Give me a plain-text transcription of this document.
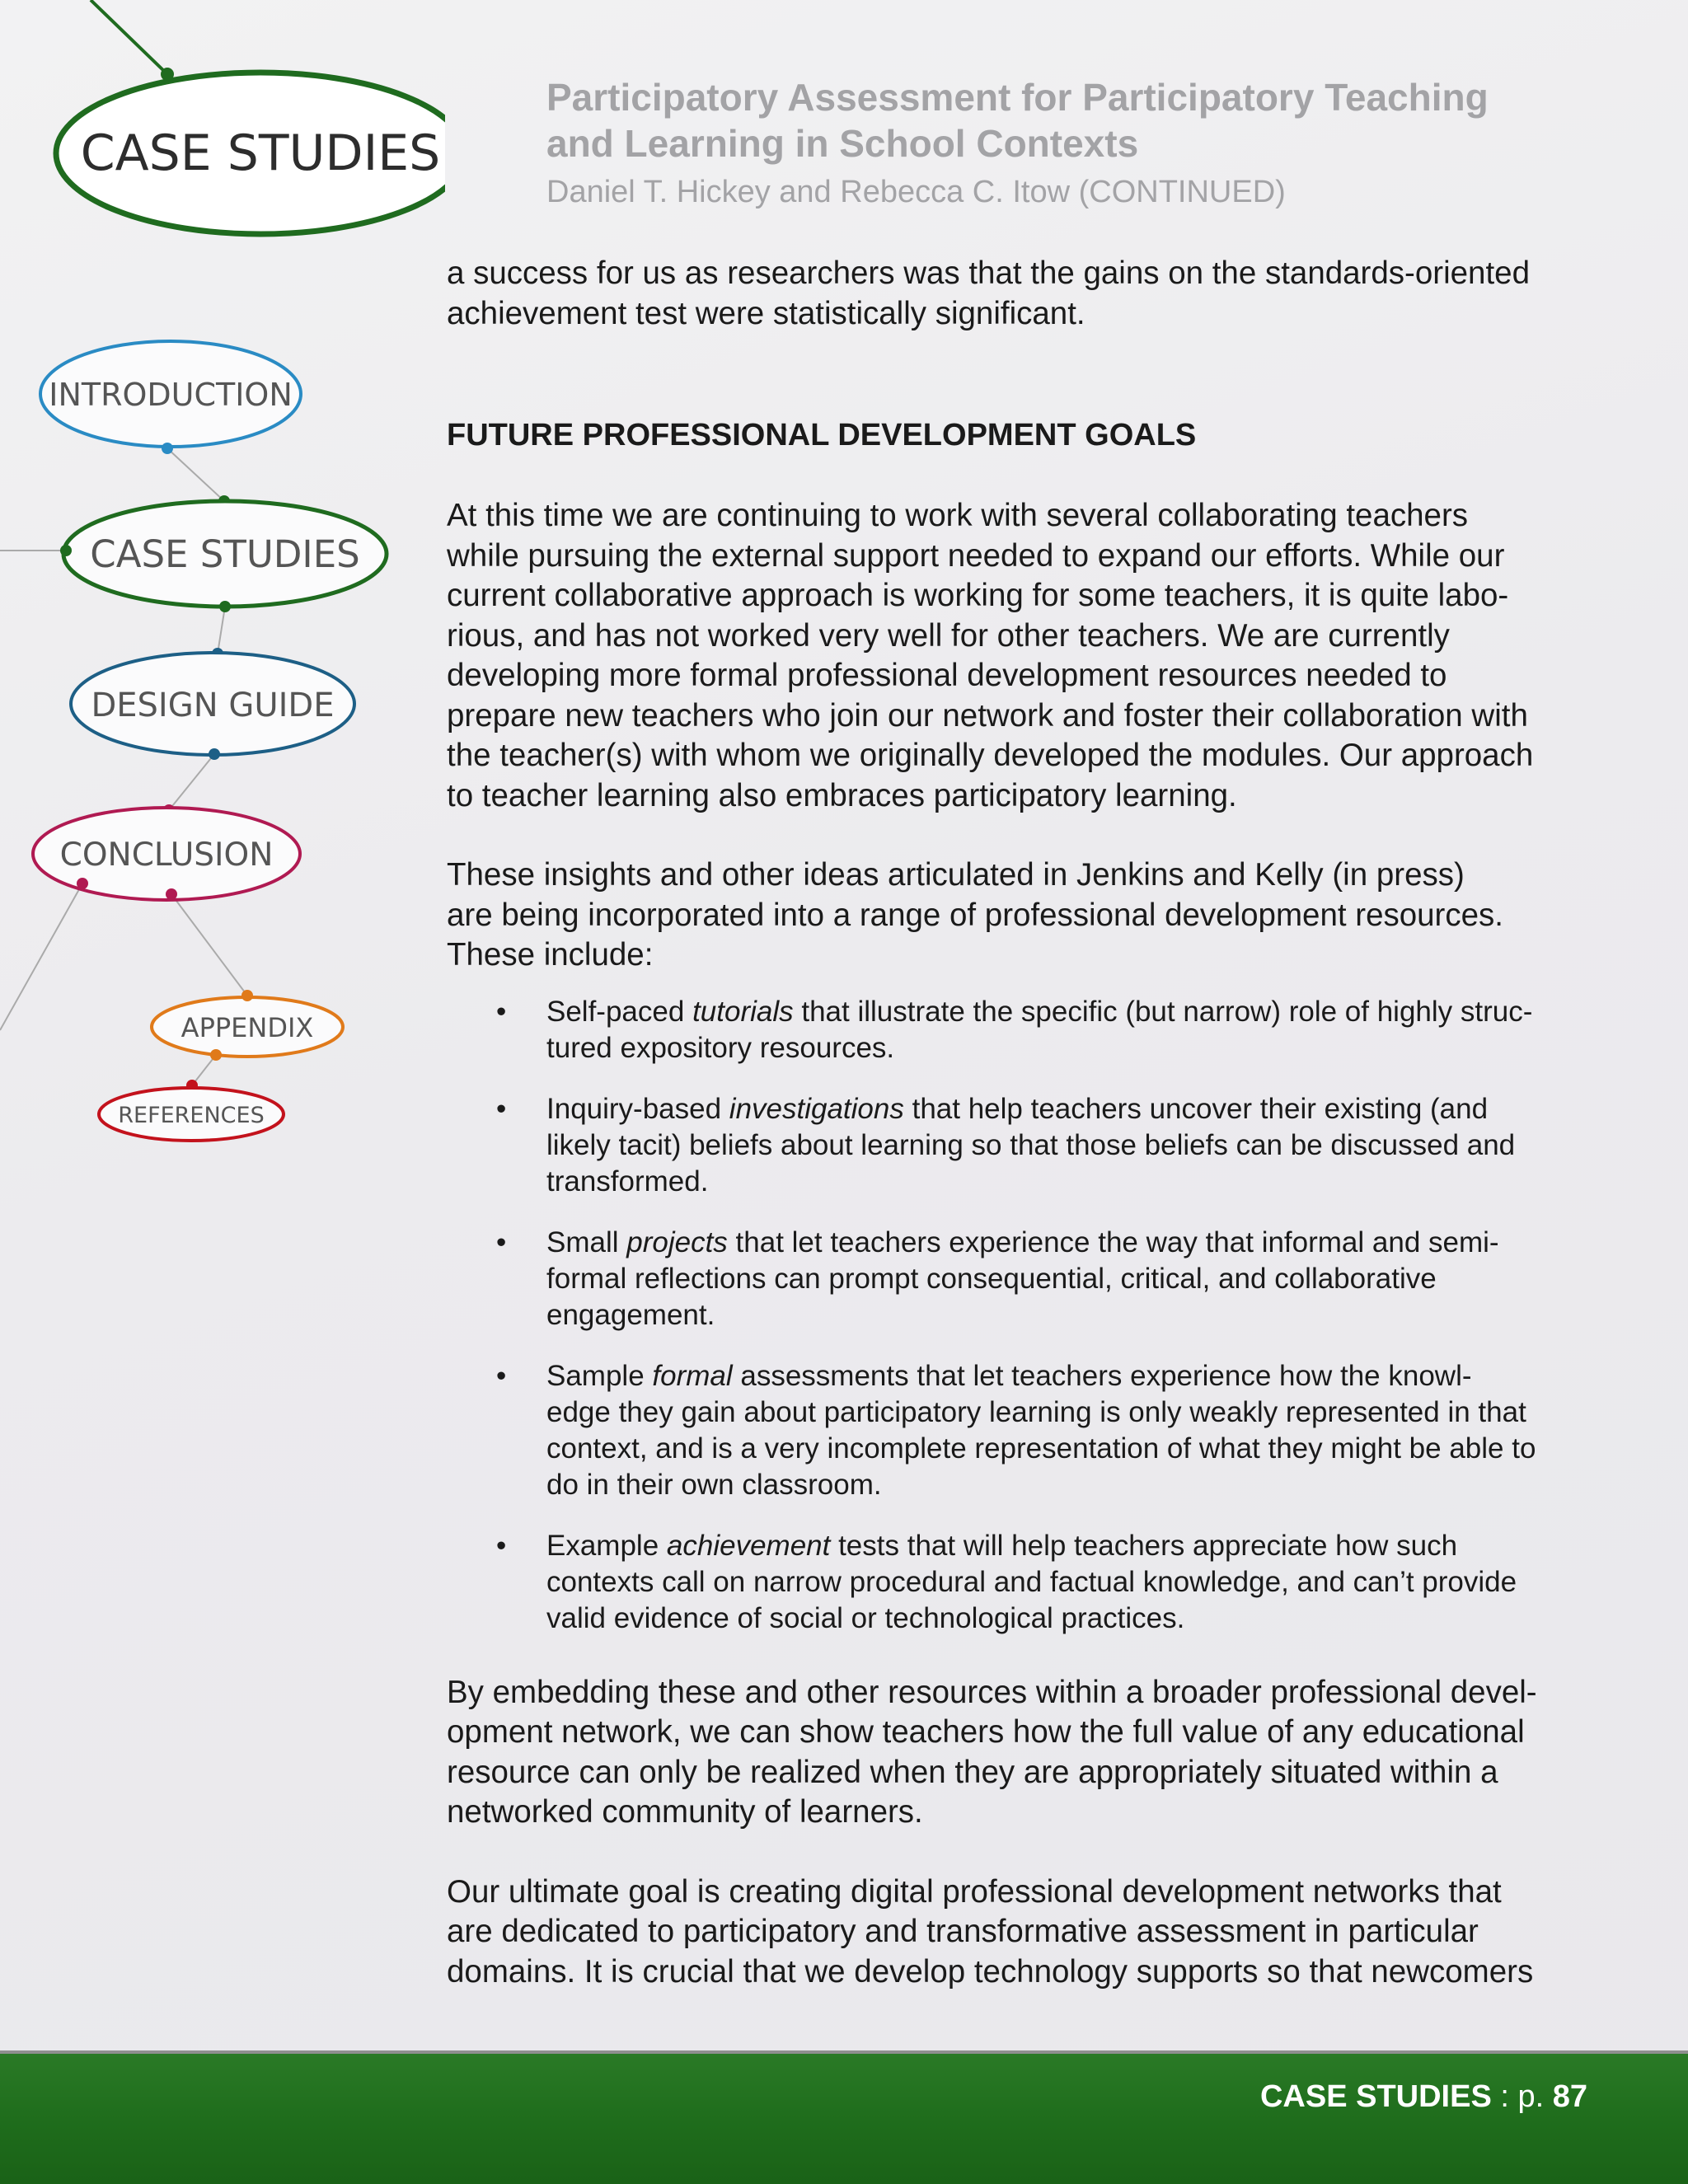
CASE STUDIES
INTRODUCTION
CASE STUDIES
DESIGN GUIDE
CONCLUSION
APPENDIX
REFERENCES
Participatory Assessment for Participatory Teaching
and Learning in School Contexts
Daniel T. Hickey and Rebecca C. Itow (CONTINUED)
a success for us as researchers was that the gains on the standards-oriented
achievement test were statistically significant.
FUTURE PROFESSIONAL DEVELOPMENT GOALS
At this time we are continuing to work with several collaborating teachers
while pursuing the external support needed to expand our efforts. While our
current collaborative approach is working for some teachers, it is quite labo-
rious, and has not worked very well for other teachers. We are currently
developing more formal professional development resources needed to
prepare new teachers who join our network and foster their collaboration with
the teacher(s) with whom we originally developed the modules. Our approach
to teacher learning also embraces participatory learning.
These insights and other ideas articulated in Jenkins and Kelly (in press)
are being incorporated into a range of professional development resources.
These include:
• Self-paced tutorials that illustrate the specific (but narrow) role of highly struc-
tured expository resources.
• Inquiry-based investigations that help teachers uncover their existing (and
likely tacit) beliefs about learning so that those beliefs can be discussed and
transformed.
• Small projects that let teachers experience the way that informal and semi-
formal reflections can prompt consequential, critical, and collaborative
engagement.
• Sample formal assessments that let teachers experience how the knowl-
edge they gain about participatory learning is only weakly represented in that
context, and is a very incomplete representation of what they might be able to
do in their own classroom.
• Example achievement tests that will help teachers appreciate how such
contexts call on narrow procedural and factual knowledge, and can’t provide
valid evidence of social or technological practices.
By embedding these and other resources within a broader professional devel-
opment network, we can show teachers how the full value of any educational
resource can only be realized when they are appropriately situated within a
networked community of learners.
Our ultimate goal is creating digital professional development networks that
are dedicated to participatory and transformative assessment in particular
domains. It is crucial that we develop technology supports so that newcomers
CASE STUDIES : p. 87
